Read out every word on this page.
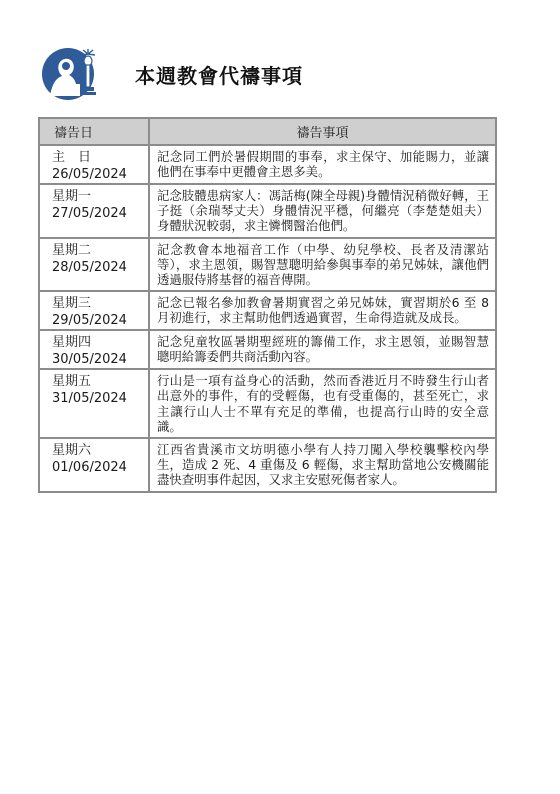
本週教會代禱事項
禱告日	禱告事項

主　日
26/05/2024	記念同工們於暑假期間的事奉，求主保守、加能賜力，並讓他們在事奉中更體會主恩多美。

星期一
27/05/2024	記念肢體患病家人：馮話梅(陳全母親)身體情況稍微好轉，王子挺（余瑞琴丈夫）身體情況平穩，何繼亮（李楚楚姐夫）身體狀況較弱，求主憐憫醫治他們。

星期二
28/05/2024	記念教會本地福音工作（中學、幼兒學校、長者及清潔站等），求主恩領，賜智慧聰明給參與事奉的弟兄姊妹，讓他們透過服侍將基督的福音傳開。

星期三
29/05/2024	記念已報名參加教會暑期實習之弟兄姊妹，實習期於6 至 8 月初進行，求主幫助他們透過實習，生命得造就及成長。

星期四
30/05/2024	記念兒童牧區暑期聖經班的籌備工作，求主恩領，並賜智慧聰明給籌委們共商活動內容。

星期五
31/05/2024	行山是一項有益身心的活動，然而香港近月不時發生行山者出意外的事件，有的受輕傷，也有受重傷的，甚至死亡，求主讓行山人士不單有充足的準備，也提高行山時的安全意識。

星期六
01/06/2024	江西省貴溪市文坊明德小學有人持刀闖入學校襲擊校內學生，造成 2 死、4 重傷及 6 輕傷，求主幫助當地公安機關能盡快查明事件起因，又求主安慰死傷者家人。
